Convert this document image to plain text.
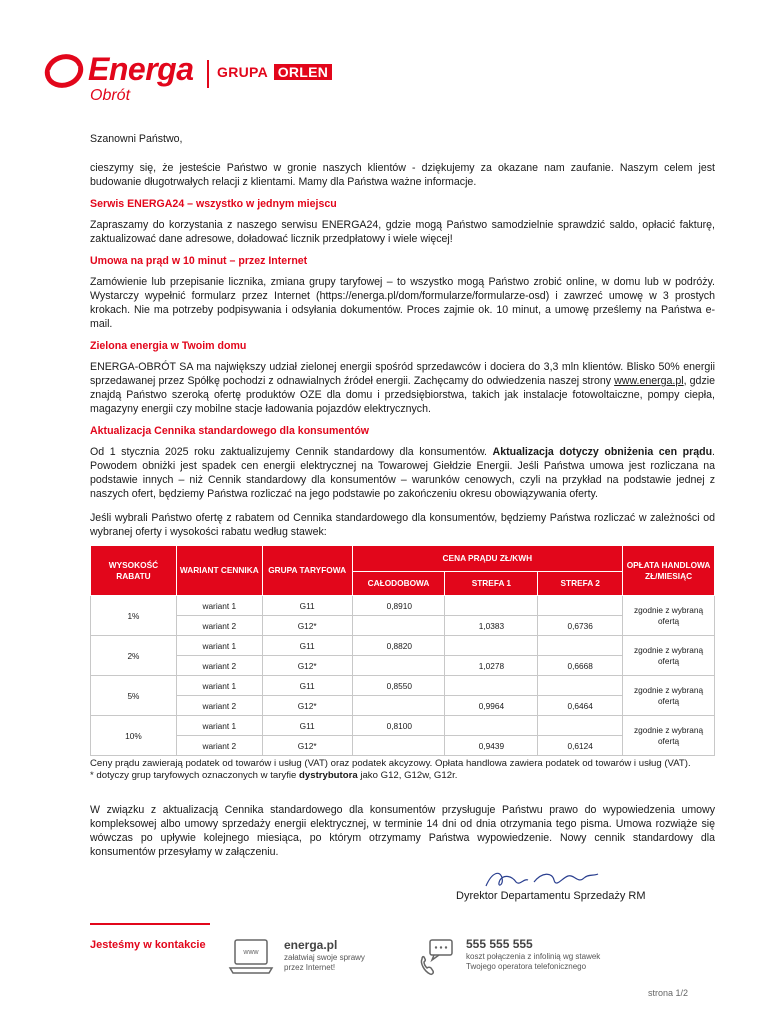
Energa
Obrót
GRUPA ORLEN

Szanowni Państwo,

cieszymy się, że jesteście Państwo w gronie naszych klientów - dziękujemy za okazane nam zaufanie. Naszym celem jest budowanie długotrwałych relacji z klientami. Mamy dla Państwa ważne informacje.

Serwis ENERGA24 – wszystko w jednym miejscu

Zapraszamy do korzystania z naszego serwisu ENERGA24, gdzie mogą Państwo samodzielnie sprawdzić saldo, opłacić fakturę, zaktualizować dane adresowe, doładować licznik przedpłatowy i wiele więcej!

Umowa na prąd w 10 minut – przez Internet

Zamówienie lub przepisanie licznika, zmiana grupy taryfowej – to wszystko mogą Państwo zrobić online, w domu lub w podróży. Wystarczy wypełnić formularz przez Internet (https://energa.pl/dom/formularze/formularze-osd) i zawrzeć umowę w 3 prostych krokach. Nie ma potrzeby podpisywania i odsyłania dokumentów. Proces zajmie ok. 10 minut, a umowę prześlemy na Państwa e-mail.

Zielona energia w Twoim domu

ENERGA-OBRÓT SA ma największy udział zielonej energii spośród sprzedawców i dociera do 3,3 mln klientów. Blisko 50% energii sprzedawanej przez Spółkę pochodzi z odnawialnych źródeł energii. Zachęcamy do odwiedzenia naszej strony www.energa.pl, gdzie znajdą Państwo szeroką ofertę produktów OZE dla domu i przedsiębiorstwa, takich jak instalacje fotowoltaiczne, pompy ciepła, magazyny energii czy mobilne stacje ładowania pojazdów elektrycznych.

Aktualizacja Cennika standardowego dla konsumentów

Od 1 stycznia 2025 roku zaktualizujemy Cennik standardowy dla konsumentów. Aktualizacja dotyczy obniżenia cen prądu. Powodem obniżki jest spadek cen energii elektrycznej na Towarowej Giełdzie Energii. Jeśli Państwa umowa jest rozliczana na podstawie innych – niż Cennik standardowy dla konsumentów – warunków cenowych, czyli na przykład na podstawie jednej z naszych ofert, będziemy Państwa rozliczać na jego podstawie po zakończeniu okresu obowiązywania oferty.

Jeśli wybrali Państwo ofertę z rabatem od Cennika standardowego dla konsumentów, będziemy Państwa rozliczać w zależności od wybranej oferty i wysokości rabatu według stawek:

WYSOKOŚĆ RABATU	WARIANT CENNIKA	GRUPA TARYFOWA	CENA PRĄDU ZŁ/KWH			OPŁATA HANDLOWA ZŁ/MIESIĄC
			CAŁODOBOWA	STREFA 1	STREFA 2	
1%	wariant 1	G11	0,8910			zgodnie z wybraną ofertą
	wariant 2	G12*		1,0383	0,6736	
2%	wariant 1	G11	0,8820			zgodnie z wybraną ofertą
	wariant 2	G12*		1,0278	0,6668	
5%	wariant 1	G11	0,8550			zgodnie z wybraną ofertą
	wariant 2	G12*		0,9964	0,6464	
10%	wariant 1	G11	0,8100			zgodnie z wybraną ofertą
	wariant 2	G12*		0,9439	0,6124	
Ceny prądu zawierają podatek od towarów i usług (VAT) oraz podatek akcyzowy. Opłata handlowa zawiera podatek od towarów i usług (VAT).
* dotyczy grup taryfowych oznaczonych w taryfie dystrybutora jako G12, G12w, G12r.

W związku z aktualizacją Cennika standardowego dla konsumentów przysługuje Państwu prawo do wypowiedzenia umowy kompleksowej albo umowy sprzedaży energii elektrycznej, w terminie 14 dni od dnia otrzymania tego pisma. Umowa rozwiąże się wówczas po upływie kolejnego miesiąca, po którym otrzymamy Państwa wypowiedzenie. Nowy cennik standardowy dla konsumentów przesyłamy w załączeniu.

Dyrektor Departamentu Sprzedaży RM
Jesteśmy w kontakcie
www
energa.pl
załatwiaj swoje sprawy
przez Internet!
555 555 555
koszt połączenia z infolinią wg stawek
Twojego operatora telefonicznego
strona 1/2
